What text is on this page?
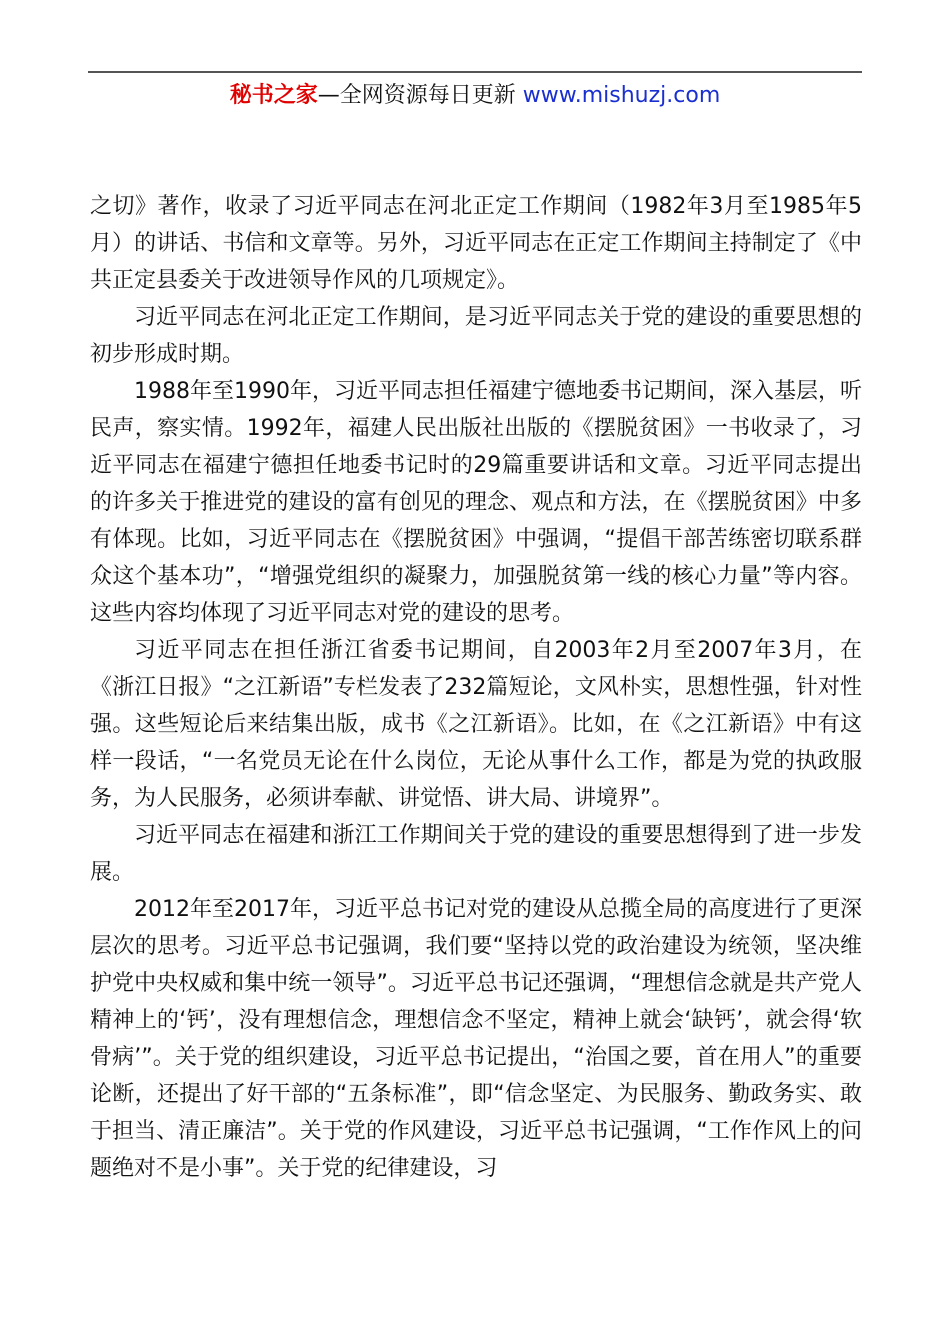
秘书之家—全网资源每日更新 www.mishuzj.com

之切》著作，收录了习近平同志在河北正定工作期间（1982年3月至1985年5月）的讲话、书信和文章等。另外，习近平同志在正定工作期间主持制定了《中共正定县委关于改进领导作风的几项规定》。

习近平同志在河北正定工作期间，是习近平同志关于党的建设的重要思想的初步形成时期。

1988年至1990年，习近平同志担任福建宁德地委书记期间，深入基层，听民声，察实情。1992年，福建人民出版社出版的《摆脱贫困》一书收录了，习近平同志在福建宁德担任地委书记时的29篇重要讲话和文章。习近平同志提出的许多关于推进党的建设的富有创见的理念、观点和方法，在《摆脱贫困》中多有体现。比如，习近平同志在《摆脱贫困》中强调，“提倡干部苦练密切联系群众这个基本功”，“增强党组织的凝聚力，加强脱贫第一线的核心力量”等内容。这些内容均体现了习近平同志对党的建设的思考。

习近平同志在担任浙江省委书记期间，自2003年2月至2007年3月，在《浙江日报》“之江新语”专栏发表了232篇短论，文风朴实，思想性强，针对性强。这些短论后来结集出版，成书《之江新语》。比如，在《之江新语》中有这样一段话，“一名党员无论在什么岗位，无论从事什么工作，都是为党的执政服务，为人民服务，必须讲奉献、讲觉悟、讲大局、讲境界”。

习近平同志在福建和浙江工作期间关于党的建设的重要思想得到了进一步发展。

2012年至2017年，习近平总书记对党的建设从总揽全局的高度进行了更深层次的思考。习近平总书记强调，我们要“坚持以党的政治建设为统领，坚决维护党中央权威和集中统一领导”。习近平总书记还强调，“理想信念就是共产党人精神上的‘钙’，没有理想信念，理想信念不坚定，精神上就会‘缺钙’，就会得‘软骨病’”。关于党的组织建设，习近平总书记提出，“治国之要，首在用人”的重要论断，还提出了好干部的“五条标准”，即“信念坚定、为民服务、勤政务实、敢于担当、清正廉洁”。关于党的作风建设，习近平总书记强调，“工作作风上的问题绝对不是小事”。关于党的纪律建设，习
